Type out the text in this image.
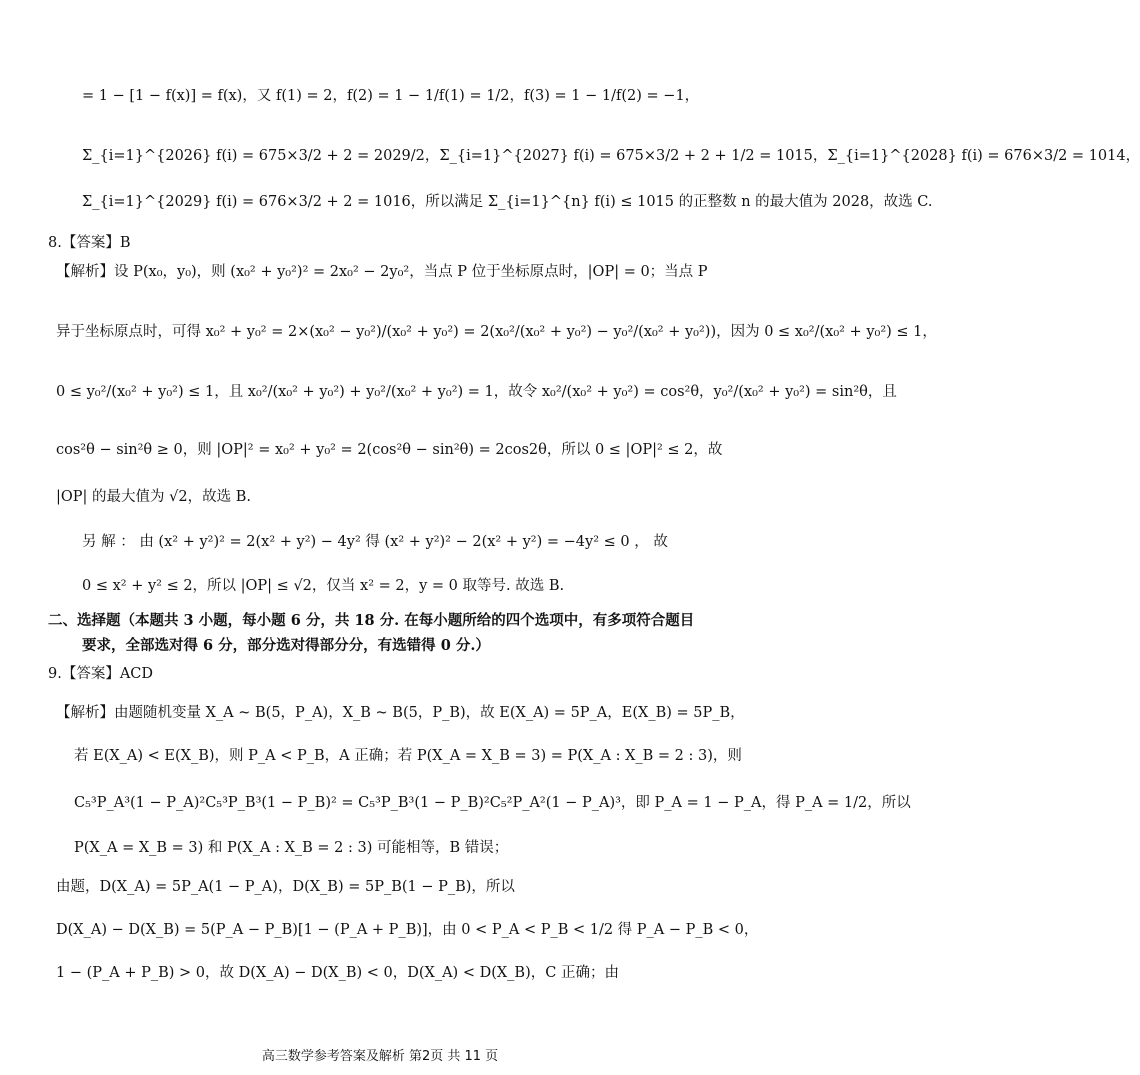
= 1 − [1 − f(x)] = f(x)，又 f(1) = 2，f(2) = 1 − 1/f(1) = 1/2，f(3) = 1 − 1/f(2) = −1，
Σ_{i=1}^{2026} f(i) = 675×3/2 + 2 = 2029/2，Σ_{i=1}^{2027} f(i) = 675×3/2 + 2 + 1/2 = 1015，Σ_{i=1}^{2028} f(i) = 676×3/2 = 1014，
Σ_{i=1}^{2029} f(i) = 676×3/2 + 2 = 1016，所以满足 Σ_{i=1}^{n} f(i) ≤ 1015 的正整数 n 的最大值为 2028，故选 C.
8.【答案】B
【解析】设 P(x₀，y₀)，则 (x₀² + y₀²)² = 2x₀² − 2y₀²，当点 P 位于坐标原点时，|OP| = 0；当点 P
异于坐标原点时，可得 x₀² + y₀² = 2×(x₀² − y₀²)/(x₀² + y₀²) = 2(x₀²/(x₀² + y₀²) − y₀²/(x₀² + y₀²))，因为 0 ≤ x₀²/(x₀² + y₀²) ≤ 1，
0 ≤ y₀²/(x₀² + y₀²) ≤ 1，且 x₀²/(x₀² + y₀²) + y₀²/(x₀² + y₀²) = 1，故令 x₀²/(x₀² + y₀²) = cos²θ，y₀²/(x₀² + y₀²) = sin²θ，且
cos²θ − sin²θ ≥ 0，则 |OP|² = x₀² + y₀² = 2(cos²θ − sin²θ) = 2cos2θ，所以 0 ≤ |OP|² ≤ 2，故
|OP| 的最大值为 √2，故选 B.
另 解 ： 由 (x² + y²)² = 2(x² + y²) − 4y² 得 (x² + y²)² − 2(x² + y²) = −4y² ≤ 0 ， 故
0 ≤ x² + y² ≤ 2，所以 |OP| ≤ √2，仅当 x² = 2，y = 0 取等号. 故选 B.
二、选择题（本题共 3 小题，每小题 6 分，共 18 分. 在每小题所给的四个选项中，有多项符合题目
要求，全部选对得 6 分，部分选对得部分分，有选错得 0 分.）
9.【答案】ACD
【解析】由题随机变量 X_A ~ B(5，P_A)，X_B ~ B(5，P_B)，故 E(X_A) = 5P_A，E(X_B) = 5P_B，
若 E(X_A) < E(X_B)，则 P_A < P_B，A 正确；若 P(X_A = X_B = 3) = P(X_A : X_B = 2 : 3)，则
C₅³P_A³(1 − P_A)²C₅³P_B³(1 − P_B)² = C₅³P_B³(1 − P_B)²C₅²P_A²(1 − P_A)³，即 P_A = 1 − P_A，得 P_A = 1/2，所以
P(X_A = X_B = 3) 和 P(X_A : X_B = 2 : 3) 可能相等，B 错误；
由题，D(X_A) = 5P_A(1 − P_A)，D(X_B) = 5P_B(1 − P_B)，所以
D(X_A) − D(X_B) = 5(P_A − P_B)[1 − (P_A + P_B)]，由 0 < P_A < P_B < 1/2 得 P_A − P_B < 0，
1 − (P_A + P_B) > 0，故 D(X_A) − D(X_B) < 0，D(X_A) < D(X_B)，C 正确；由
高三数学参考答案及解析 第2页 共 11 页
